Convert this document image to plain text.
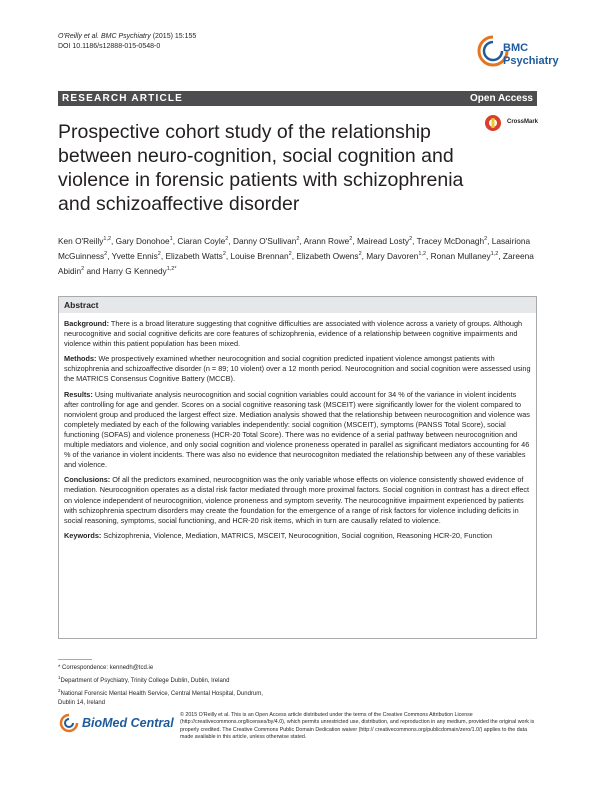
O'Reilly et al. BMC Psychiatry (2015) 15:155
DOI 10.1186/s12888-015-0548-0	BMC
Psychiatry
RESEARCH ARTICLE	Open Access
Prospective cohort study of the relationship between neuro-cognition, social cognition and violence in forensic patients with schizophrenia and schizoaffective disorder
CrossMark
Ken O'Reilly$^{1,2}$, Gary Donohoe$^1$, Ciaran Coyle$^2$, Danny O'Sullivan$^2$, Arann Rowe$^2$, Mairead Losty$^2$, Tracey McDonagh$^2$, Lasairiona McGuinness$^2$, Yvette Ennis$^2$, Elizabeth Watts$^2$, Louise Brennan$^2$, Elizabeth Owens$^2$, Mary Davoren$^{1,2}$, Ronan Mullaney$^{1,2}$, Zareena Abidin$^2$ and Harry G Kennedy$^{1,2*}$
Abstract

Background: There is a broad literature suggesting that cognitive difficulties are associated with violence across a variety of groups. Although neurocognitive and social cognitive deficits are core features of schizophrenia, evidence of a relationship between cognitive impairments and violence within this patient population has been mixed.

Methods: We prospectively examined whether neurocognition and social cognition predicted inpatient violence amongst patients with schizophrenia and schizoaffective disorder (n = 89; 10 violent) over a 12 month period. Neurocognition and social cognition were assessed using the MATRICS Consensus Cognitive Battery (MCCB).

Results: Using multivariate analysis neurocognition and social cognition variables could account for 34 % of the variance in violent incidents after controlling for age and gender. Scores on a social cognitive reasoning task (MSCEIT) were significantly lower for the violent compared to nonviolent group and produced the largest effect size. Mediation analysis showed that the relationship between neurocognition and violence was completely mediated by each of the following variables independently: social cognition (MSCEIT), symptoms (PANSS Total Score), social functioning (SOFAS) and violence proneness (HCR-20 Total Score). There was no evidence of a serial pathway between neurocognition and multiple mediators and violence, and only social cognition and violence proneness operated in parallel as significant mediators accounting for 46 % of the variance in violent incidents. There was also no evidence that neurocogniton mediated the relationship between any of these variables and violence.

Conclusions: Of all the predictors examined, neurocognition was the only variable whose effects on violence consistently showed evidence of mediation. Neurocognition operates as a distal risk factor mediated through more proximal factors. Social cognition in contrast has a direct effect on violence independent of neurocognition, violence proneness and symptom severity. The neurocognitive impairment experienced by patients with schizophrenia spectrum disorders may create the foundation for the emergence of a range of risk factors for violence including deficits in social reasoning, symptoms, social functioning, and HCR-20 risk items, which in turn are causally related to violence.

Keywords: Schizophrenia, Violence, Mediation, MATRICS, MSCEIT, Neurocognition, Social cognition, Reasoning HCR-20, Function

* Correspondence: kennedh@tcd.ie
$^1$Department of Psychiatry, Trinity College Dublin, Dublin, Ireland
$^2$National Forensic Mental Health Service, Central Mental Hospital, Dundrum,
Dublin 14, Ireland
BioMed Central
© 2015 O'Reilly et al. This is an Open Access article distributed under the terms of the Creative Commons Attribution License (http://creativecommons.org/licenses/by/4.0), which permits unrestricted use, distribution, and reproduction in any medium, provided the original work is properly credited. The Creative Commons Public Domain Dedication waiver (http:// creativecommons.org/publicdomain/zero/1.0/) applies to the data made available in this article, unless otherwise stated.
